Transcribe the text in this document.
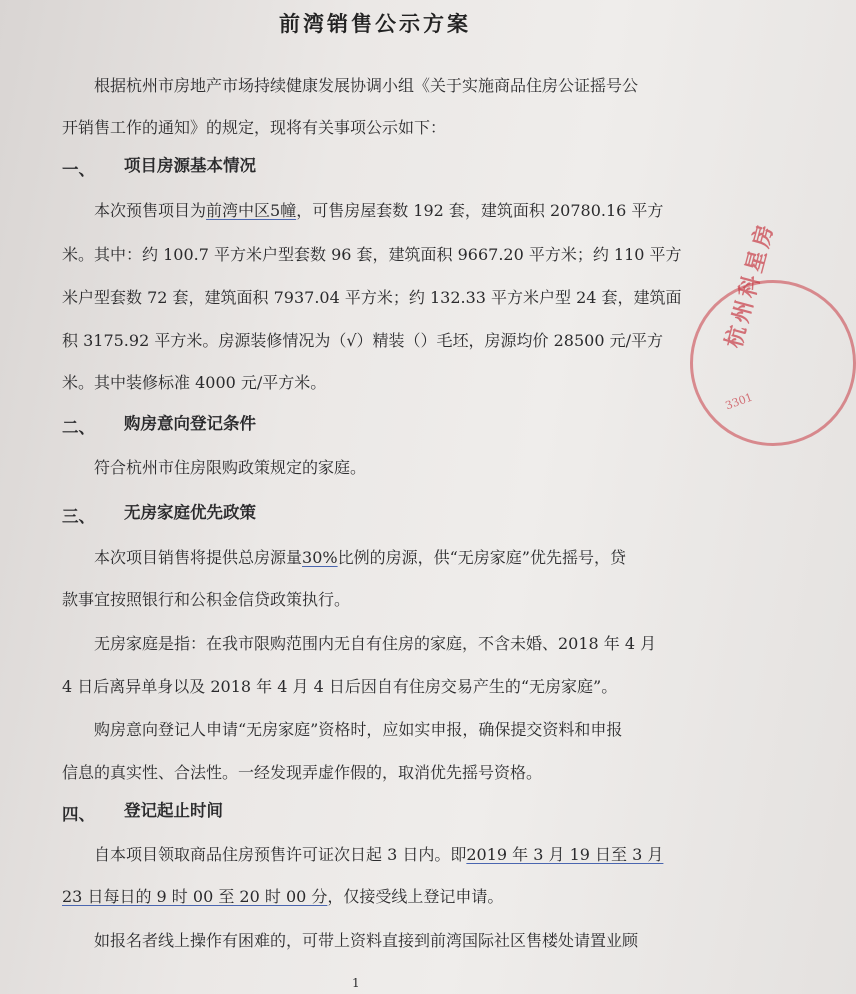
前湾销售公示方案
根据杭州市房地产市场持续健康发展协调小组《关于实施商品住房公证摇号公
开销售工作的通知》的规定，现将有关事项公示如下：
一、 项目房源基本情况
本次预售项目为前湾中区5幢，可售房屋套数 192 套，建筑面积 20780.16 平方
米。其中：约 100.7 平方米户型套数 96 套，建筑面积 9667.20 平方米；约 110 平方
米户型套数 72 套，建筑面积 7937.04 平方米；约 132.33 平方米户型 24 套，建筑面
积 3175.92 平方米。房源装修情况为（√）精装（）毛坯，房源均价 28500 元/平方
米。其中装修标准 4000 元/平方米。
二、 购房意向登记条件
符合杭州市住房限购政策规定的家庭。
三、 无房家庭优先政策
本次项目销售将提供总房源量30%比例的房源，供“无房家庭”优先摇号，贷
款事宜按照银行和公积金信贷政策执行。
无房家庭是指：在我市限购范围内无自有住房的家庭，不含未婚、2018 年 4 月
4 日后离异单身以及 2018 年 4 月 4 日后因自有住房交易产生的“无房家庭”。
购房意向登记人申请“无房家庭”资格时，应如实申报，确保提交资料和申报
信息的真实性、合法性。一经发现弄虚作假的，取消优先摇号资格。
四、 登记起止时间
自本项目领取商品住房预售许可证次日起 3 日内。即2019 年 3 月 19 日至 3 月
23 日每日的 9 时 00 至 20 时 00 分，仅接受线上登记申请。
如报名者线上操作有困难的，可带上资料直接到前湾国际社区售楼处请置业顾
1
杭州科星房
3301
